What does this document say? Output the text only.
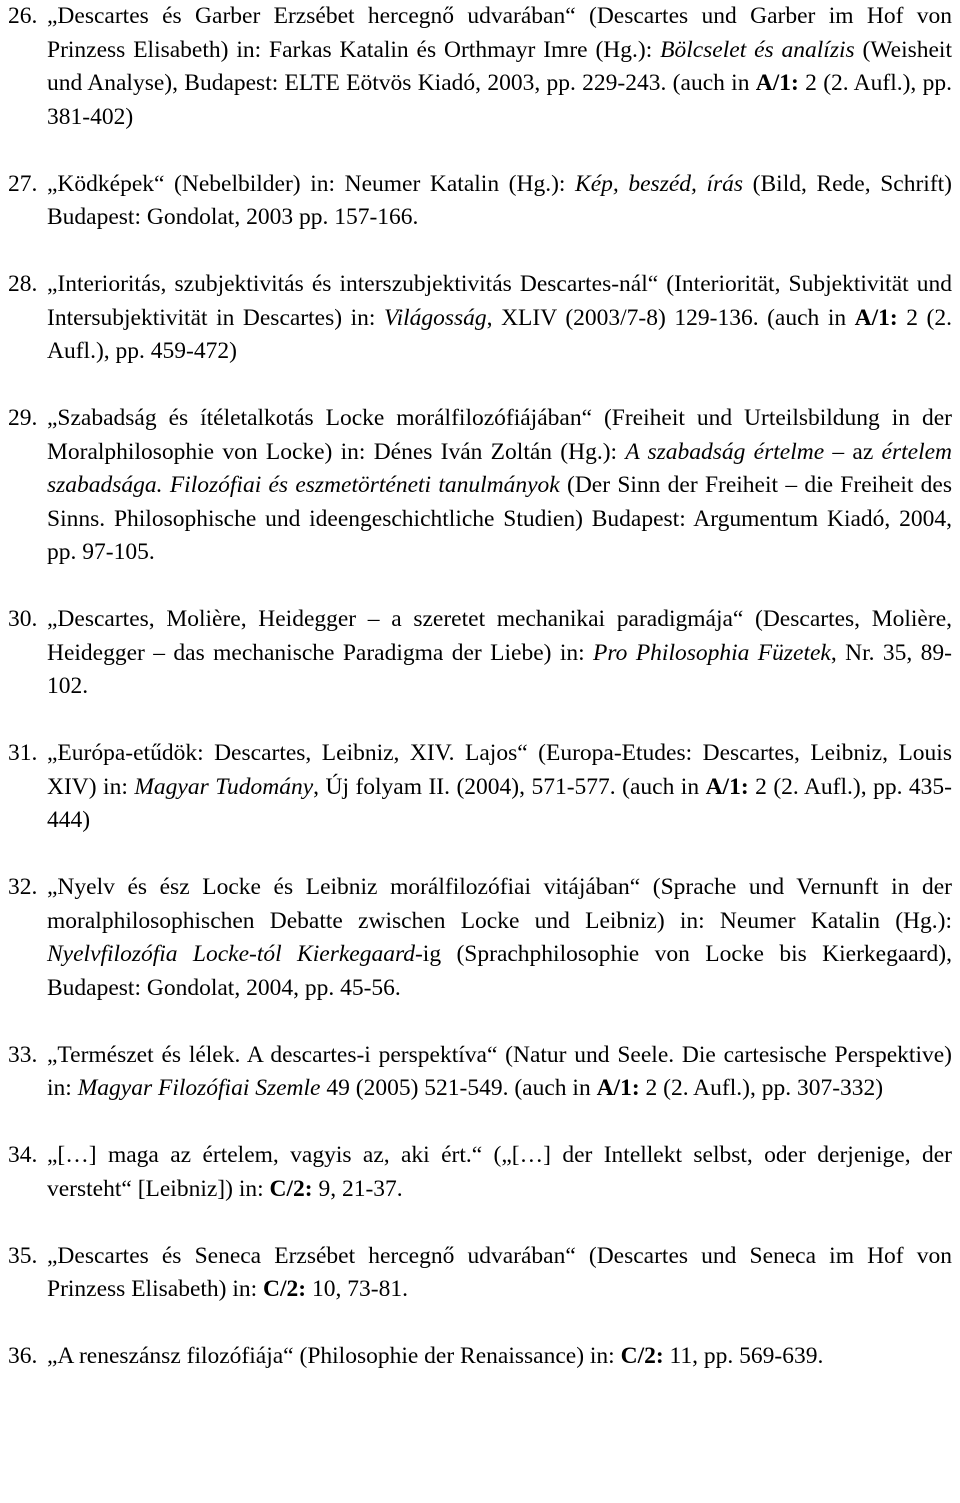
26. „Descartes és Garber Erzsébet hercegnő udvarában“ (Descartes und Garber im Hof von Prinzess Elisabeth) in: Farkas Katalin és Orthmayr Imre (Hg.): Bölcselet és analízis (Weisheit und Analyse), Budapest: ELTE Eötvös Kiadó, 2003, pp. 229-243. (auch in A/1: 2 (2. Aufl.), pp. 381-402)
27. „Ködképek“ (Nebelbilder) in: Neumer Katalin (Hg.): Kép, beszéd, írás (Bild, Rede, Schrift) Budapest: Gondolat, 2003 pp. 157-166.
28. „Interioritás, szubjektivitás és interszubjektivitás Descartes-nál“ (Interiorität, Subjektivität und Intersubjektivität in Descartes) in: Világosság, XLIV (2003/7-8) 129-136. (auch in A/1: 2 (2. Aufl.), pp. 459-472)
29. „Szabadság és ítéletalkotás Locke morálfilozófiájában“ (Freiheit und Urteilsbildung in der Moralphilosophie von Locke) in: Dénes Iván Zoltán (Hg.): A szabadság értelme – az értelem szabadsága. Filozófiai és eszmetörténeti tanulmányok (Der Sinn der Freiheit – die Freiheit des Sinns. Philosophische und ideengeschichtliche Studien) Budapest: Argumentum Kiadó, 2004, pp. 97-105.
30. „Descartes, Molière, Heidegger – a szeretet mechanikai paradigmája“ (Descartes, Molière, Heidegger – das mechanische Paradigma der Liebe) in: Pro Philosophia Füzetek, Nr. 35, 89-102.
31. „Európa-etűdök: Descartes, Leibniz, XIV. Lajos“ (Europa-Etudes: Descartes, Leibniz, Louis XIV) in: Magyar Tudomány, Új folyam II. (2004), 571-577. (auch in A/1: 2 (2. Aufl.), pp. 435-444)
32. „Nyelv és ész Locke és Leibniz morálfilozófiai vitájában“ (Sprache und Vernunft in der moralphilosophischen Debatte zwischen Locke und Leibniz) in: Neumer Katalin (Hg.): Nyelvfilozófia Locke-tól Kierkegaard-ig (Sprachphilosophie von Locke bis Kierkegaard), Budapest: Gondolat, 2004, pp. 45-56.
33. „Természet és lélek. A descartes-i perspektíva“ (Natur und Seele. Die cartesische Perspektive) in: Magyar Filozófiai Szemle 49 (2005) 521-549. (auch in A/1: 2 (2. Aufl.), pp. 307-332)
34. „[…] maga az értelem, vagyis az, aki ért.“ („[…] der Intellekt selbst, oder derjenige, der versteht“ [Leibniz]) in: C/2: 9, 21-37.
35. „Descartes és Seneca Erzsébet hercegnő udvarában“ (Descartes und Seneca im Hof von Prinzess Elisabeth) in: C/2: 10, 73-81.
36. „A reneszánsz filozófiája“ (Philosophie der Renaissance) in: C/2: 11, pp. 569-639.
